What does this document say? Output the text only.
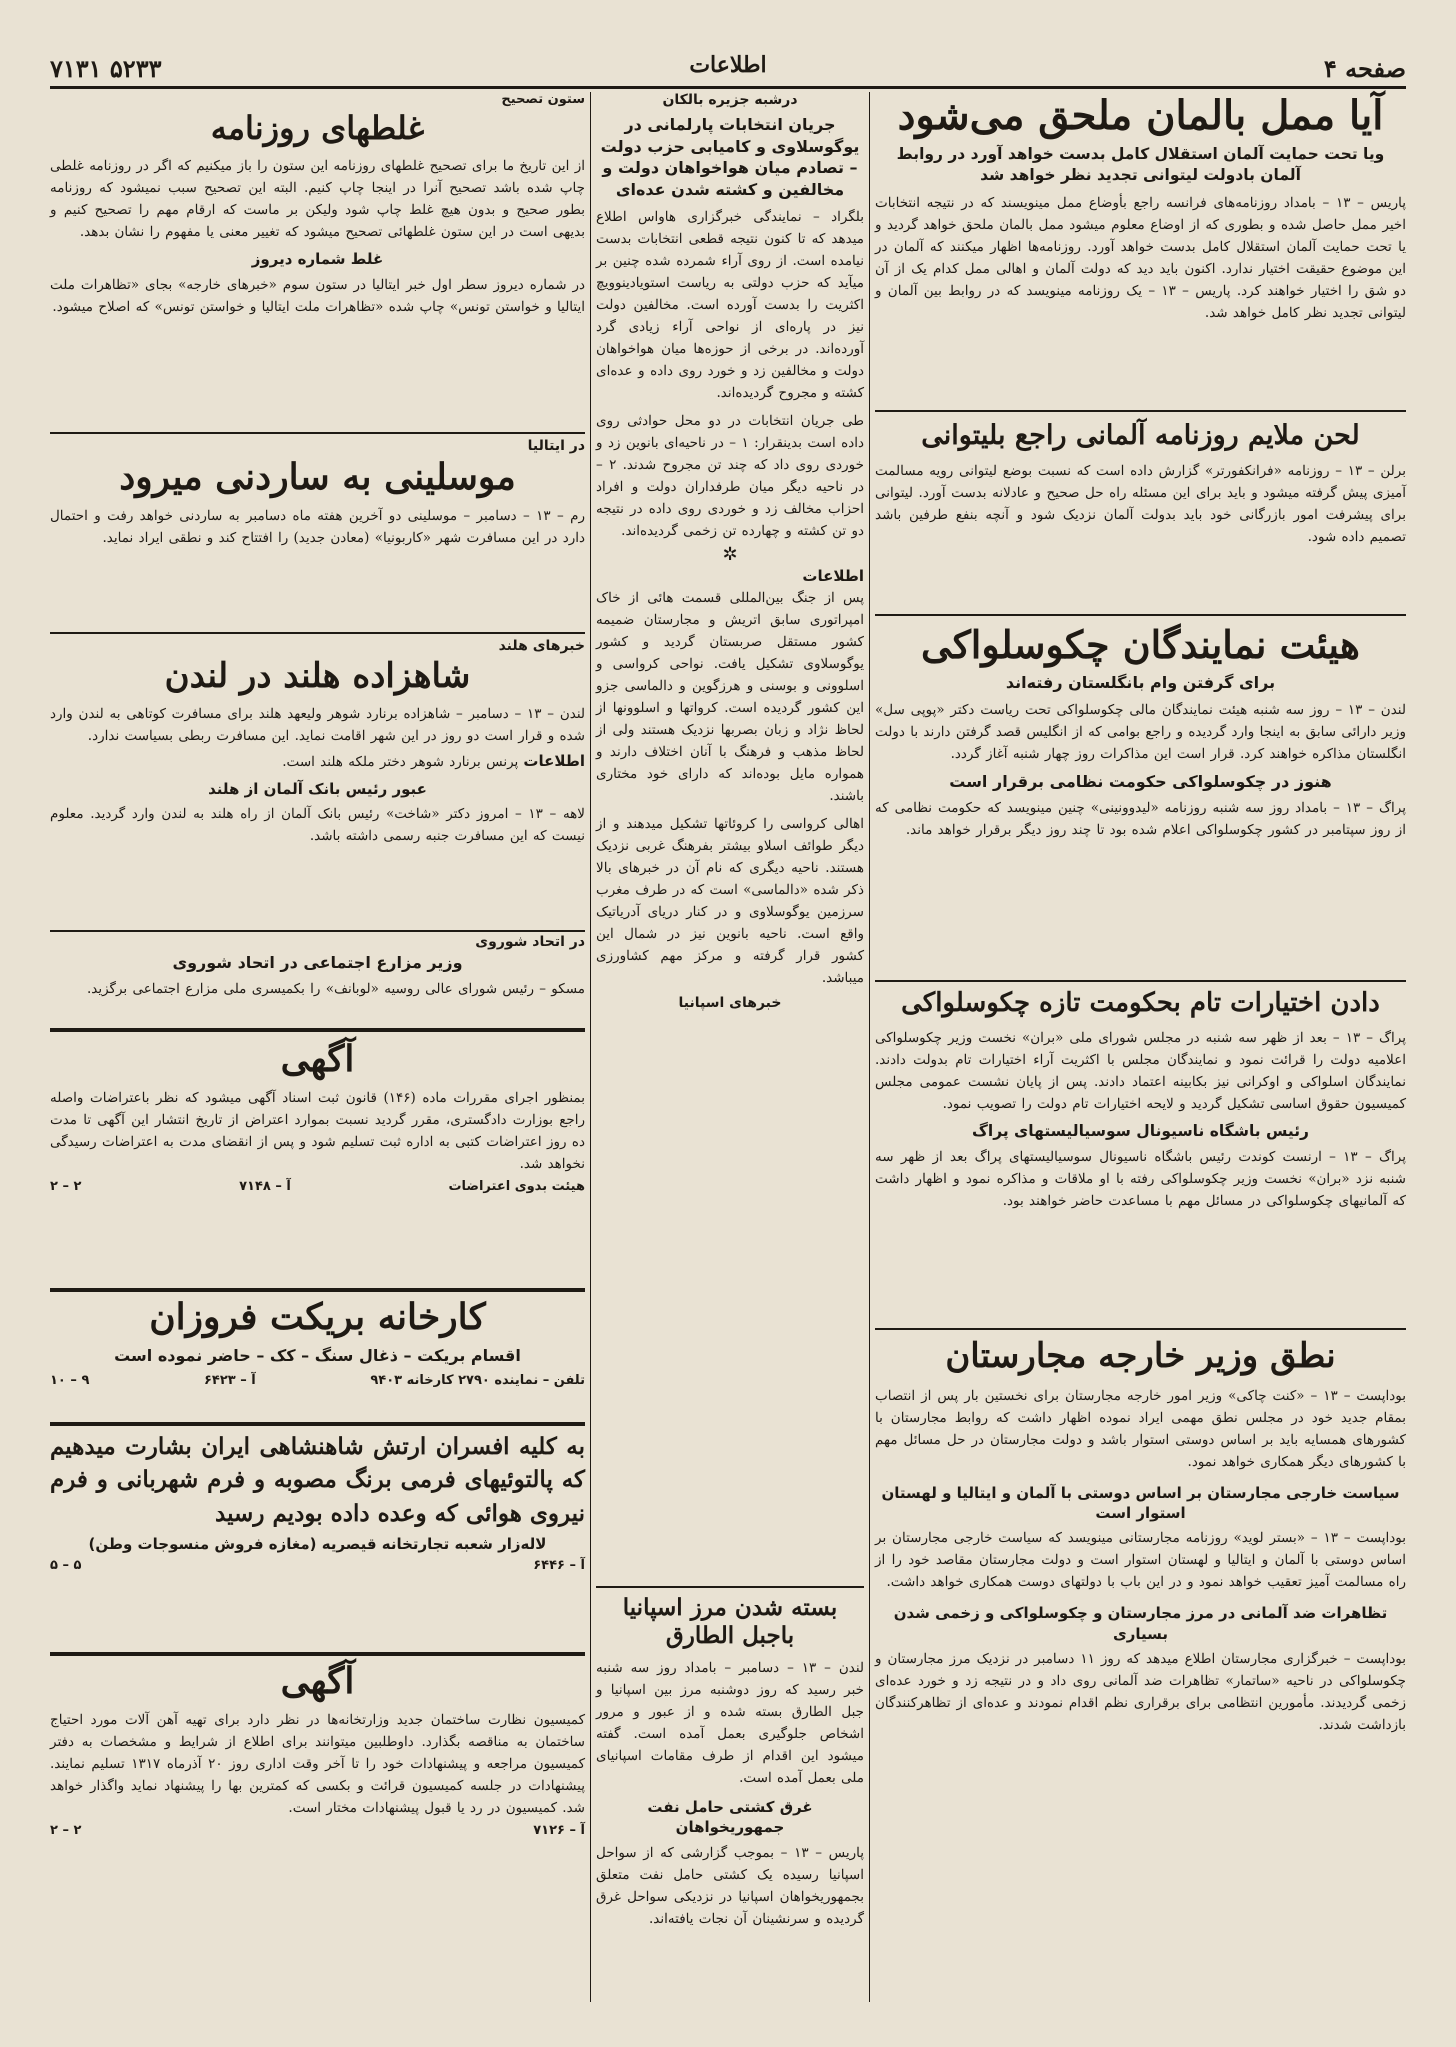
صفحه ۴
اطلاعات
۷۱۳۱ ۵۲۳۳
آیا ممل بالمان ملحق می‌شود
ویا تحت حمایت آلمان استقلال کامل بدست خواهد آورد در روابط آلمان بادولت لیتوانی تجدید نظر خواهد شد

پاریس – ۱۳ – بامداد روزنامه‌های فرانسه راجع بأوضاع ممل مینویسند که در نتیجه انتخابات اخیر ممل حاصل شده و بطوری که از اوضاع معلوم میشود ممل بالمان ملحق خواهد گردید و یا تحت حمایت آلمان استقلال کامل بدست خواهد آورد. روزنامه‌ها اظهار میکنند که آلمان در این موضوع حقیقت اختیار ندارد. اکنون باید دید که دولت آلمان و اهالی ممل کدام یک از آن دو شق را اختیار خواهند کرد. پاریس – ۱۳ – یک روزنامه مینویسد که در روابط بین آلمان و لیتوانی تجدید نظر کامل خواهد شد.

لحن ملایم روزنامه آلمانی راجع بلیتوانی

برلن – ۱۳ – روزنامه «فرانکفورتر» گزارش داده است که نسبت بوضع لیتوانی رویه مسالمت آمیزی پیش گرفته میشود و باید برای این مسئله راه حل صحیح و عادلانه بدست آورد. لیتوانی برای پیشرفت امور بازرگانی خود باید بدولت آلمان نزدیک شود و آنچه بنفع طرفین باشد تصمیم داده شود.

هیئت نمایندگان چکوسلواکی
برای گرفتن وام بانگلستان رفته‌اند

لندن – ۱۳ – روز سه شنبه هیئت نمایندگان مالی چکوسلواکی تحت ریاست دکتر «پوپی سل» وزیر دارائی سابق به اینجا وارد گردیده و راجع بوامی که از انگلیس قصد گرفتن دارند با دولت انگلستان مذاکره خواهند کرد. قرار است این مذاکرات روز چهار شنبه آغاز گردد.

هنوز در چکوسلواکی حکومت نظامی برقرار است

پراگ – ۱۳ – بامداد روز سه شنبه روزنامه «لیدوونینی» چنین مینویسد که حکومت نظامی که از روز سپتامبر در کشور چکوسلواکی اعلام شده بود تا چند روز دیگر برقرار خواهد ماند.

دادن اختیارات تام بحکومت تازه چکوسلواکی

پراگ – ۱۳ – بعد از ظهر سه شنبه در مجلس شورای ملی «بران» نخست وزیر چکوسلواکی اعلامیه دولت را قرائت نمود و نمایندگان مجلس با اکثریت آراء اختیارات تام بدولت دادند. نمایندگان اسلواکی و اوکرانی نیز بکابینه اعتماد دادند. پس از پایان نشست عمومی مجلس کمیسیون حقوق اساسی تشکیل گردید و لایحه اختیارات تام دولت را تصویب نمود.

رئیس باشگاه ناسیونال سوسیالیستهای پراگ

پراگ – ۱۳ – ارنست کوندت رئیس باشگاه ناسیونال سوسیالیستهای پراگ بعد از ظهر سه شنبه نزد «بران» نخست وزیر چکوسلواکی رفته با او ملاقات و مذاکره نمود و اظهار داشت که آلمانیهای چکوسلواکی در مسائل مهم با مساعدت حاضر خواهند بود.

نطق وزیر خارجه مجارستان

بوداپست – ۱۳ – «کنت چاکی» وزیر امور خارجه مجارستان برای نخستین بار پس از انتصاب بمقام جدید خود در مجلس نطق مهمی ایراد نموده اظهار داشت که روابط مجارستان با کشورهای همسایه باید بر اساس دوستی استوار باشد و دولت مجارستان در حل مسائل مهم با کشورهای دیگر همکاری خواهد نمود.

سیاست خارجی مجارستان بر اساس دوستی با آلمان و ایتالیا و لهستان استوار است

بوداپست – ۱۳ – «بستر لوید» روزنامه مجارستانی مینویسد که سیاست خارجی مجارستان بر اساس دوستی با آلمان و ایتالیا و لهستان استوار است و دولت مجارستان مقاصد خود را از راه مسالمت آمیز تعقیب خواهد نمود و در این باب با دولتهای دوست همکاری خواهد داشت.

تظاهرات ضد آلمانی در مرز مجارستان و چکوسلواکی و زخمی شدن بسیاری

بوداپست – خبرگزاری مجارستان اطلاع میدهد که روز ۱۱ دسامبر در نزدیک مرز مجارستان و چکوسلواکی در ناحیه «ساتمار» تظاهرات ضد آلمانی روی داد و در نتیجه زد و خورد عده‌ای زخمی گردیدند. مأمورین انتظامی برای برقراری نظم اقدام نمودند و عده‌ای از تظاهرکنندگان بازداشت شدند.

درشبه جزیره بالکان
جریان انتخابات پارلمانی در یوگوسلاوی و کامیابی حزب دولت – تصادم میان هواخواهان دولت و مخالفین و کشته شدن عده‌ای

بلگراد – نمایندگی خبرگزاری هاواس اطلاع میدهد که تا کنون نتیجه قطعی انتخابات بدست نیامده است. از روی آراء شمرده شده چنین بر میآید که حزب دولتی به ریاست استویادینوویچ اکثریت را بدست آورده است. مخالفین دولت نیز در پاره‌ای از نواحی آراء زیادی گرد آورده‌اند. در برخی از حوزه‌ها میان هواخواهان دولت و مخالفین زد و خورد روی داده و عده‌ای کشته و مجروح گردیده‌اند.

طی جریان انتخابات در دو محل حوادثی روی داده است بدینقرار: ۱ – در ناحیه‌ای بانوین زد و خوردی روی داد که چند تن مجروح شدند. ۲ – در ناحیه دیگر میان طرفداران دولت و افراد احزاب مخالف زد و خوردی روی داده در نتیجه دو تن کشته و چهارده تن زخمی گردیده‌اند.

✲
اطلاعات

پس از جنگ بین‌المللی قسمت هائی از خاک امپراتوری سابق اتریش و مجارستان ضمیمه کشور مستقل صربستان گردید و کشور یوگوسلاوی تشکیل یافت. نواحی کرواسی و اسلوونی و بوسنی و هرزگوین و دالماسی جزو این کشور گردیده است. کرواتها و اسلوونها از لحاظ نژاد و زبان بصربها نزدیک هستند ولی از لحاظ مذهب و فرهنگ با آنان اختلاف دارند و همواره مایل بوده‌اند که دارای خود مختاری باشند.

اهالی کرواسی را کروئاتها تشکیل میدهند و از دیگر طوائف اسلاو بیشتر بفرهنگ غربی نزدیک هستند. ناحیه دیگری که نام آن در خبرهای بالا ذکر شده «دالماسی» است که در طرف مغرب سرزمین یوگوسلاوی و در کنار دریای آدریاتیک واقع است. ناحیه بانوین نیز در شمال این کشور قرار گرفته و مرکز مهم کشاورزی میباشد.

خبرهای اسپانیا
بسته شدن مرز اسپانیا باجبل الطارق

لندن – ۱۳ – دسامبر – بامداد روز سه شنبه خبر رسید که روز دوشنبه مرز بین اسپانیا و جبل الطارق بسته شده و از عبور و مرور اشخاص جلوگیری بعمل آمده است. گفته میشود این اقدام از طرف مقامات اسپانیای ملی بعمل آمده است.

غرق کشتی حامل نفت جمهوریخواهان

پاریس – ۱۳ – بموجب گزارشی که از سواحل اسپانیا رسیده یک کشتی حامل نفت متعلق بجمهوریخواهان اسپانیا در نزدیکی سواحل غرق گردیده و سرنشینان آن نجات یافته‌اند.

ستون تصحیح
غلطهای روزنامه

از این تاریخ ما برای تصحیح غلطهای روزنامه این ستون را باز میکنیم که اگر در روزنامه غلطی چاپ شده باشد تصحیح آنرا در اینجا چاپ کنیم. البته این تصحیح سبب نمیشود که روزنامه بطور صحیح و بدون هیچ غلط چاپ شود ولیکن بر ماست که ارقام مهم را تصحیح کنیم و بدیهی است در این ستون غلطهائی تصحیح میشود که تغییر معنی یا مفهوم را نشان بدهد.

غلط شماره دیروز

در شماره دیروز سطر اول خبر ایتالیا در ستون سوم «خبرهای خارجه» بجای «تظاهرات ملت ایتالیا و خواستن تونس» چاپ شده «تظاهرات ملت ایتالیا و خواستن تونس» که اصلاح میشود.

در ایتالیا
موسلینی به ساردنی میرود

رم – ۱۳ – دسامبر – موسلینی دو آخرین هفته ماه دسامبر به ساردنی خواهد رفت و احتمال دارد در این مسافرت شهر «کاربونیا» (معادن جدید) را افتتاح کند و نطقی ایراد نماید.

خبرهای هلند
شاهزاده هلند در لندن

لندن – ۱۳ – دسامبر – شاهزاده برنارد شوهر ولیعهد هلند برای مسافرت کوتاهی به لندن وارد شده و قرار است دو روز در این شهر اقامت نماید. این مسافرت ربطی بسیاست ندارد.

اطلاعات پرنس برنارد شوهر دختر ملکه هلند است.
عبور رئیس بانک آلمان از هلند

لاهه – ۱۳ – امروز دکتر «شاخت» رئیس بانک آلمان از راه هلند به لندن وارد گردید. معلوم نیست که این مسافرت جنبه رسمی داشته باشد.

در اتحاد شوروی
وزیر مزارع اجتماعی در اتحاد شوروی

مسکو – رئیس شورای عالی روسیه «لوبانف» را بکمیسری ملی مزارع اجتماعی برگزید.

آگهی

بمنظور اجرای مقررات ماده (۱۴۶) قانون ثبت اسناد آگهی میشود که نظر باعتراضات واصله راجع بوزارت دادگستری، مقرر گردید نسبت بموارد اعتراض از تاریخ انتشار این آگهی تا مدت ده روز اعتراضات کتبی به اداره ثبت تسلیم شود و پس از انقضای مدت به اعتراضات رسیدگی نخواهد شد.

هیئت بدوی اعتراضات
آ – ۷۱۴۸
۲ – ۲
کارخانه بریکت فروزان
اقسام بریکت – ذغال سنگ – کک – حاضر نموده است
تلفن – نماینده ۲۷۹۰ کارخانه ۹۴۰۳
آ – ۶۴۲۳
۹ – ۱۰
به کلیه افسران ارتش شاهنشاهی ایران بشارت میدهیم که پالتوئیهای فرمی برنگ مصوبه و فرم شهربانی و فرم نیروی هوائی که وعده داده بودیم رسید
لاله‌زار شعبه تجارتخانه قیصریه (مغازه فروش منسوجات وطن)
آ – ۶۴۴۶
۵ – ۵
آگهی

کمیسیون نظارت ساختمان جدید وزارتخانه‌ها در نظر دارد برای تهیه آهن آلات مورد احتیاج ساختمان به مناقصه بگذارد. داوطلبین میتوانند برای اطلاع از شرایط و مشخصات به دفتر کمیسیون مراجعه و پیشنهادات خود را تا آخر وقت اداری روز ۲۰ آذرماه ۱۳۱۷ تسلیم نمایند. پیشنهادات در جلسه کمیسیون قرائت و بکسی که کمترین بها را پیشنهاد نماید واگذار خواهد شد. کمیسیون در رد یا قبول پیشنهادات مختار است.

آ – ۷۱۲۶
۲ – ۲
